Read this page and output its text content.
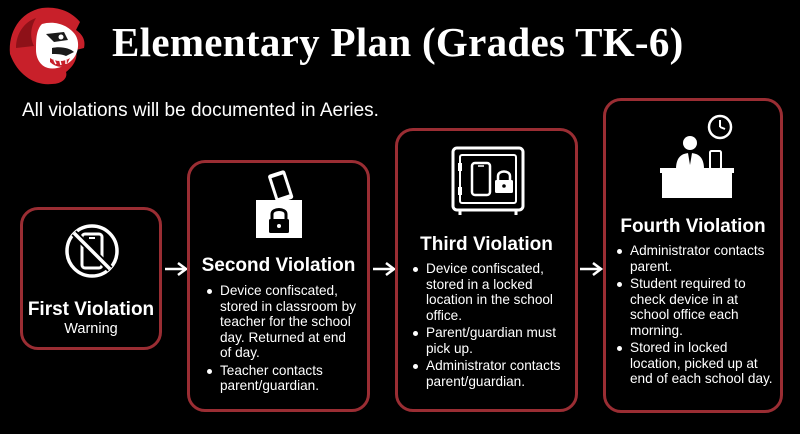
Elementary Plan (Grades TK-6)
All violations will be documented in Aeries.
First Violation
Warning
Second Violation
Device confiscated, stored in classroom by teacher for the school day. Returned at end of day.
Teacher contacts parent/guardian.
Third Violation
Device confiscated, stored in a locked location in the school office.
Parent/guardian must pick up.
Administrator contacts parent/guardian.
Fourth Violation
Administrator contacts parent.
Student required to check device in at school office each morning.
Stored in locked location, picked up at end of each school day.
